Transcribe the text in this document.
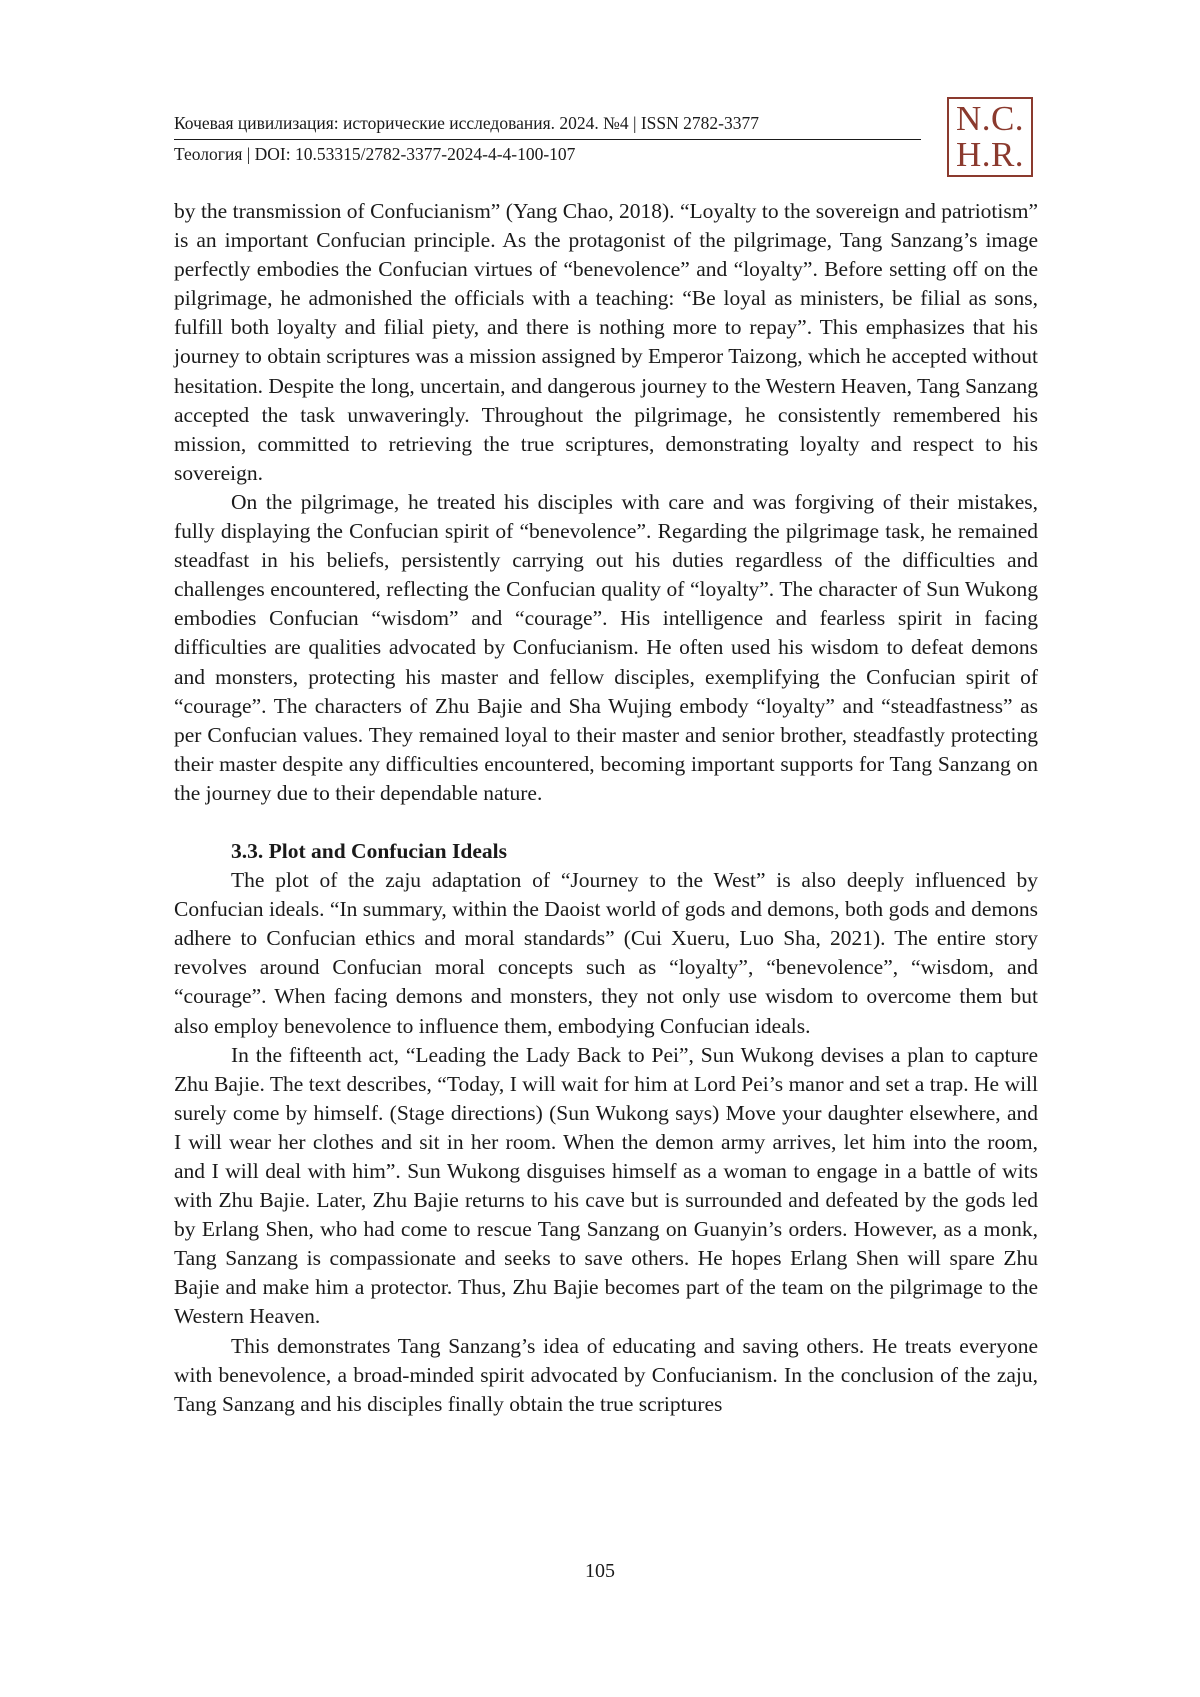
Кочевая цивилизация: исторические исследования. 2024. №4 | ISSN 2782-3377
Теология | DOI: 10.53315/2782-3377-2024-4-4-100-107
N.C.
H.R.

by the transmission of Confucianism” (Yang Chao, 2018). “Loyalty to the sovereign and patriotism” is an important Confucian principle. As the protagonist of the pilgrimage, Tang Sanzang’s image perfectly embodies the Confucian virtues of “benevolence” and “loyalty”. Before setting off on the pilgrimage, he admonished the officials with a teaching: “Be loyal as ministers, be filial as sons, fulfill both loyalty and filial piety, and there is nothing more to repay”. This emphasizes that his journey to obtain scriptures was a mission assigned by Emperor Taizong, which he accepted without hesitation. Despite the long, uncertain, and dangerous journey to the Western Heaven, Tang Sanzang accepted the task unwaveringly. Throughout the pilgrimage, he consistently remembered his mission, committed to retrieving the true scriptures, demonstrating loyalty and respect to his sovereign.

On the pilgrimage, he treated his disciples with care and was forgiving of their mistakes, fully displaying the Confucian spirit of “benevolence”. Regarding the pilgrimage task, he remained steadfast in his beliefs, persistently carrying out his duties regardless of the difficulties and challenges encountered, reflecting the Confucian quality of “loyalty”. The character of Sun Wukong embodies Confucian “wisdom” and “courage”. His intelligence and fearless spirit in facing difficulties are qualities advocated by Confucianism. He often used his wisdom to defeat demons and monsters, protecting his master and fellow disciples, exemplifying the Confucian spirit of “courage”. The characters of Zhu Bajie and Sha Wujing embody “loyalty” and “steadfastness” as per Confucian values. They remained loyal to their master and senior brother, steadfastly protecting their master despite any difficulties encountered, becoming important supports for Tang Sanzang on the journey due to their dependable nature.

3.3. Plot and Confucian Ideals

The plot of the zaju adaptation of “Journey to the West” is also deeply influenced by Confucian ideals. “In summary, within the Daoist world of gods and demons, both gods and demons adhere to Confucian ethics and moral standards” (Cui Xueru, Luo Sha, 2021). The entire story revolves around Confucian moral concepts such as “loyalty”, “benevolence”, “wisdom, and “courage”. When facing demons and monsters, they not only use wisdom to overcome them but also employ benevolence to influence them, embodying Confucian ideals.

In the fifteenth act, “Leading the Lady Back to Pei”, Sun Wukong devises a plan to capture Zhu Bajie. The text describes, “Today, I will wait for him at Lord Pei’s manor and set a trap. He will surely come by himself. (Stage directions) (Sun Wukong says) Move your daughter elsewhere, and I will wear her clothes and sit in her room. When the demon army arrives, let him into the room, and I will deal with him”. Sun Wukong disguises himself as a woman to engage in a battle of wits with Zhu Bajie. Later, Zhu Bajie returns to his cave but is surrounded and defeated by the gods led by Erlang Shen, who had come to rescue Tang Sanzang on Guanyin’s orders. However, as a monk, Tang Sanzang is compassionate and seeks to save others. He hopes Erlang Shen will spare Zhu Bajie and make him a protector. Thus, Zhu Bajie becomes part of the team on the pilgrimage to the Western Heaven.

This demonstrates Tang Sanzang’s idea of educating and saving others. He treats everyone with benevolence, a broad-minded spirit advocated by Confucianism. In the conclusion of the zaju, Tang Sanzang and his disciples finally obtain the true scriptures

105
